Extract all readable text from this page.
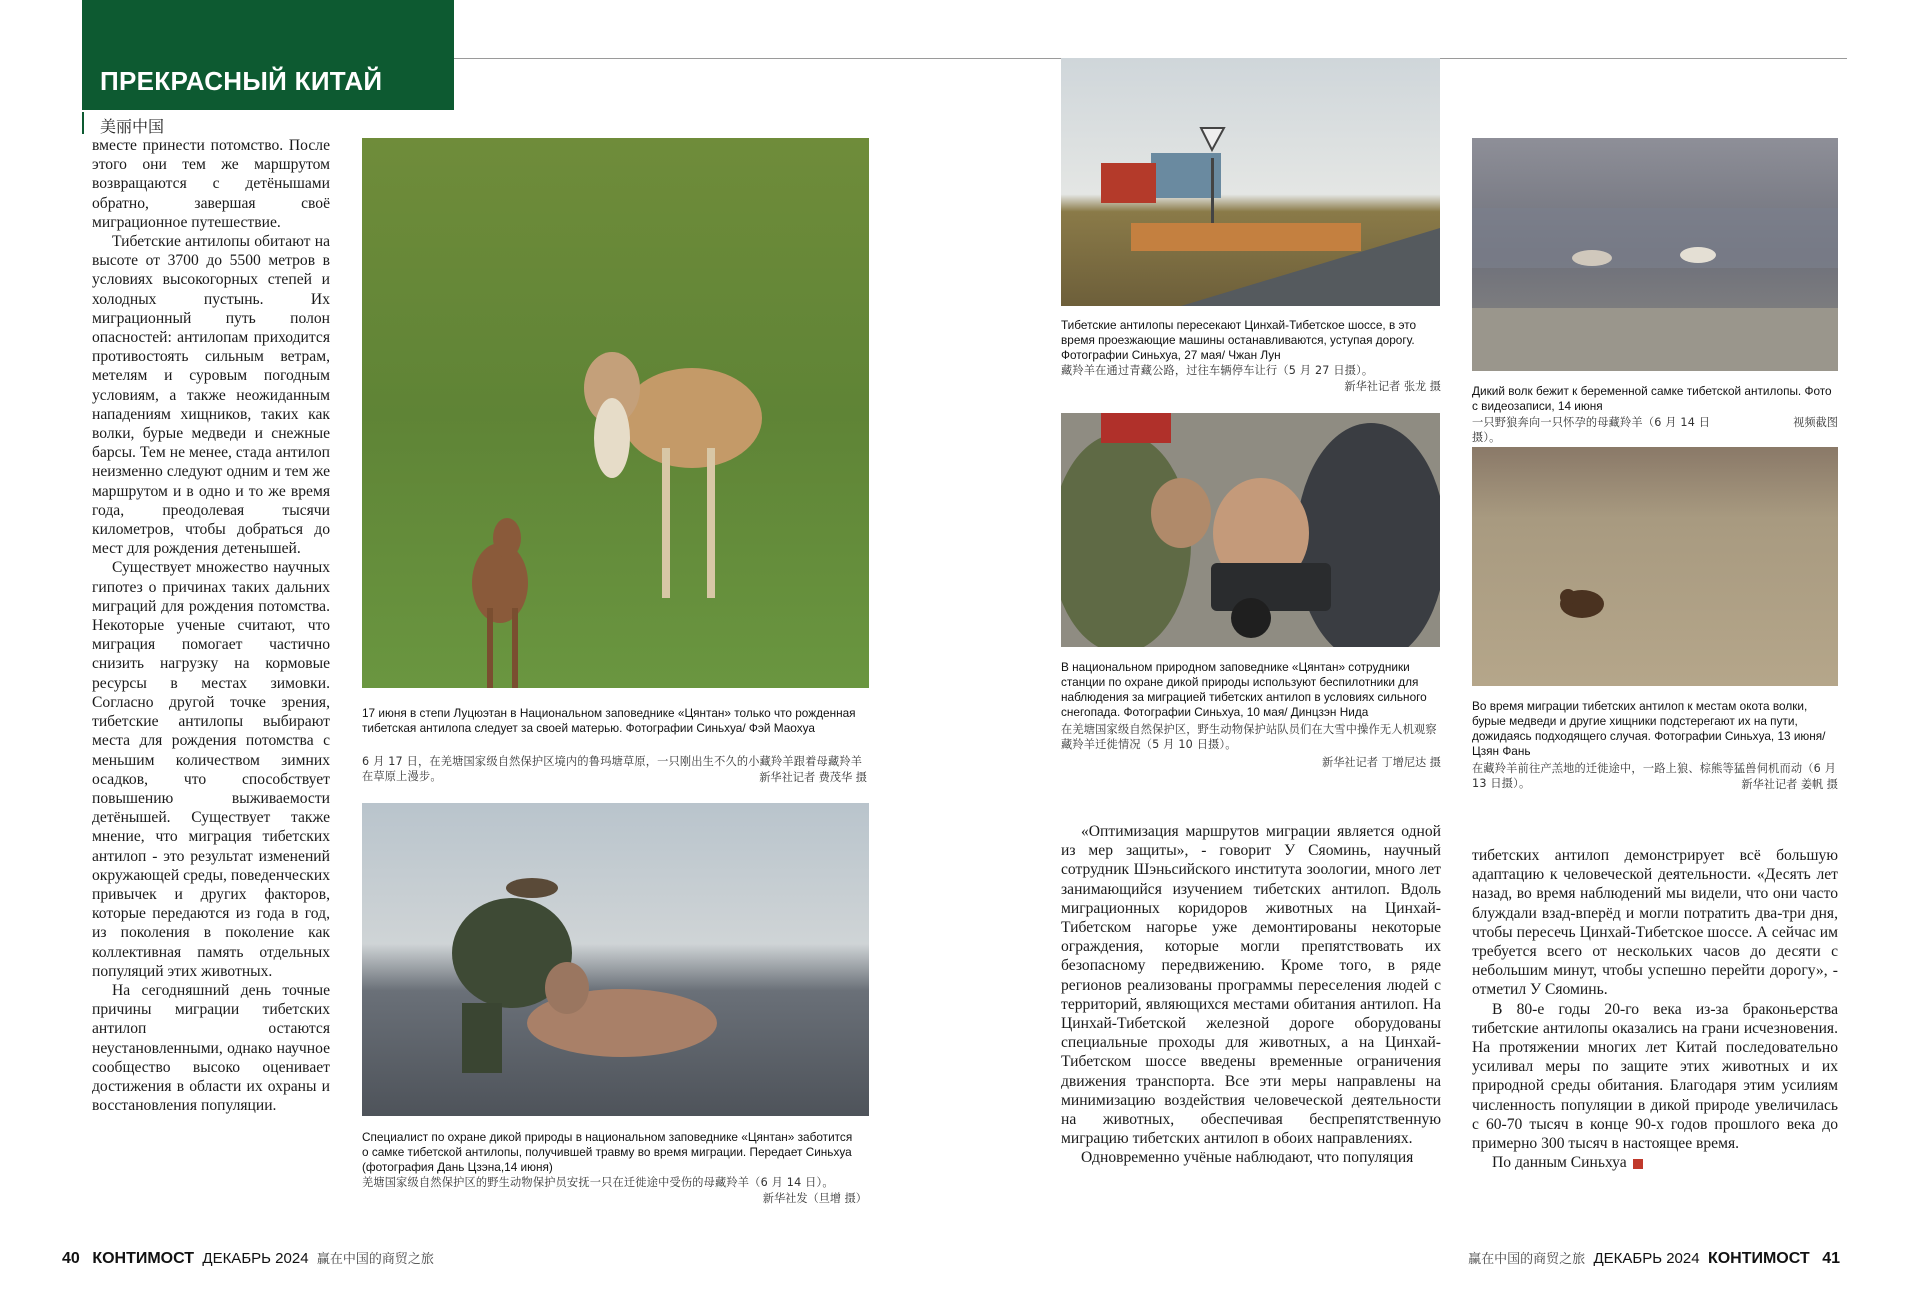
ПРЕКРАСНЫЙ КИТАЙ
美丽中国

вместе принести потомство. После этого они тем же маршрутом возвращаются с детёнышами обратно, завершая своё миграционное путешествие.

Тибетские антилопы обитают на высоте от 3700 до 5500 метров в условиях высокогорных степей и холодных пустынь. Их миграционный путь полон опасностей: антилопам приходится противостоять сильным ветрам, метелям и суровым погодным условиям, а также неожиданным нападениям хищников, таких как волки, бурые медведи и снежные барсы. Тем не менее, стада антилоп неизменно следуют одним и тем же маршрутом и в одно и то же время года, преодолевая тысячи километров, чтобы добраться до мест для рождения детенышей.

Существует множество научных гипотез о причинах таких дальних миграций для рождения потомства. Некоторые ученые считают, что миграция помогает частично снизить нагрузку на кормовые ресурсы в местах зимовки. Согласно другой точке зрения, тибетские антилопы выбирают места для рождения потомства с меньшим количеством зимних осадков, что способствует повышению выживаемости детёнышей. Существует также мнение, что миграция тибетских антилоп - это результат изменений окружающей среды, поведенческих привычек и других факторов, которые передаются из года в год, из поколения в поколение как коллективная память отдельных популяций этих животных.

На сегодняшний день точные причины миграции тибетских антилоп остаются неустановленными, однако научное сообщество высоко оценивает достижения в области их охраны и восстановления популяции.

17 июня в степи Луцюэтан в Национальном заповеднике «Цянтан» только что рожденная тибетская антилопа следует за своей матерью. Фотографии Синьхуа/ Фэй Маохуа
6 月 17 日，在羌塘国家级自然保护区境内的鲁玛塘草原，一只刚出生不久的小藏羚羊跟着母藏羚羊在草原上漫步。	新华社记者 费茂华 摄
Специалист по охране дикой природы в национальном заповеднике «Цянтан» заботится о самке тибетской антилопы, получившей травму во время миграции. Передает Синьхуа (фотография Дань Цзэна,14 июня)
羌塘国家级自然保护区的野生动物保护员安抚一只在迁徙途中受伤的母藏羚羊（6 月 14 日）。
新华社发（旦增 摄）
Тибетские антилопы пересекают Цинхай-Тибетское шоссе, в это время проезжающие машины останавливаются, уступая дорогу. Фотографии Синьхуа, 27 мая/ Чжан Лун
藏羚羊在通过青藏公路，过往车辆停车让行（5 月 27 日摄）。
新华社记者 张龙 摄
В национальном природном заповеднике «Цянтан» сотрудники станции по охране дикой природы используют беспилотники для наблюдения за миграцией тибетских антилоп в условиях сильного снегопада. Фотографии Синьхуа, 10 мая/ Динцзэн Нида
在羌塘国家级自然保护区，野生动物保护站队员们在大雪中操作无人机观察藏羚羊迁徙情况（5 月 10 日摄）。
新华社记者 丁增尼达 摄
Дикий волк бежит к беременной самке тибетской антилопы. Фото с видеозаписи, 14 июня
一只野狼奔向一只怀孕的母藏羚羊（6 月 14 日摄）。
视频截图
Во время миграции тибетских антилоп к местам окота волки, бурые медведи и другие хищники подстерегают их на пути, дожидаясь подходящего случая. Фотографии Синьхуа, 13 июня/ Цзян Фань
在藏羚羊前往产羔地的迁徙途中，一路上狼、棕熊等猛兽伺机而动（6 月 13 日摄）。	新华社记者 姜帆 摄

«Оптимизация маршрутов миграции является одной из мер защиты», - говорит У Сяоминь, научный сотрудник Шэньсийского института зоологии, много лет занимающийся изучением тибетских антилоп. Вдоль миграционных коридоров животных на Цинхай-Тибетском нагорье уже демонтированы некоторые ограждения, которые могли препятствовать их безопасному передвижению. Кроме того, в ряде регионов реализованы программы переселения людей с территорий, являющихся местами обитания антилоп. На Цинхай-Тибетской железной дороге оборудованы специальные проходы для животных, а на Цинхай-Тибетском шоссе введены временные ограничения движения транспорта. Все эти меры направлены на минимизацию воздействия человеческой деятельности на животных, обеспечивая беспрепятственную миграцию тибетских антилоп в обоих направлениях.

Одновременно учёные наблюдают, что популяция

тибетских антилоп демонстрирует всё большую адаптацию к человеческой деятельности. «Десять лет назад, во время наблюдений мы видели, что они часто блуждали взад-вперёд и могли потратить два-три дня, чтобы пересечь Цинхай-Тибетское шоссе. А сейчас им требуется всего от нескольких часов до десяти с небольшим минут, чтобы успешно перейти дорогу», - отметил У Сяоминь.

В 80-е годы 20-го века из-за браконьерства тибетские антилопы оказались на грани исчезновения. На протяжении многих лет Китай последовательно усиливал меры по защите этих животных и их природной среды обитания. Благодаря этим усилиям численность популяции в дикой природе увеличилась с 60-70 тысяч в конце 90-х годов прошлого века до примерно 300 тысяч в настоящее время.

По данным Синьхуа

40 КОНТИМОСТ ДЕКАБРЬ 2024 赢在中国的商贸之旅	赢在中国的商贸之旅 ДЕКАБРЬ 2024 КОНТИМОСТ 41
